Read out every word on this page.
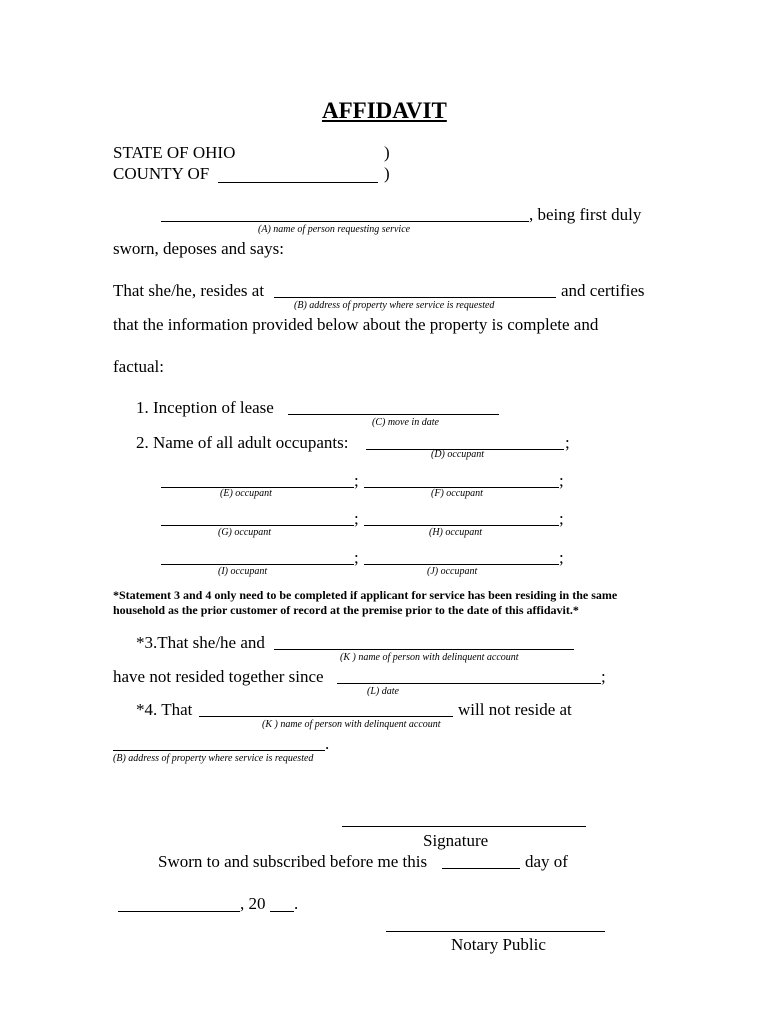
AFFIDAVIT
STATE OF OHIO	)
COUNTY OF	)
, being first duly
(A) name of person requesting service
sworn, deposes and says:
That she/he, resides at	and certifies
(B) address of property where service is requested
that the information provided below about the property is complete and
factual:
1. Inception of lease
(C) move in date
2. Name of all adult occupants:	;
(D) occupant
;	;
(E) occupant	(F) occupant
;	;
(G) occupant	(H) occupant
;	;
(I) occupant	(J) occupant
*Statement 3 and 4 only need to be completed if applicant for service has been residing in the same
household as the prior customer of record at the premise prior to the date of this affidavit.*
*3.That she/he and
(K ) name of person with delinquent account
have not resided together since	;
(L) date
*4. That	will not reside at
(K ) name of person with delinquent account
.
(B) address of property where service is requested
Signature
Sworn to and subscribed before me this	day of
, 20 .
Notary Public
